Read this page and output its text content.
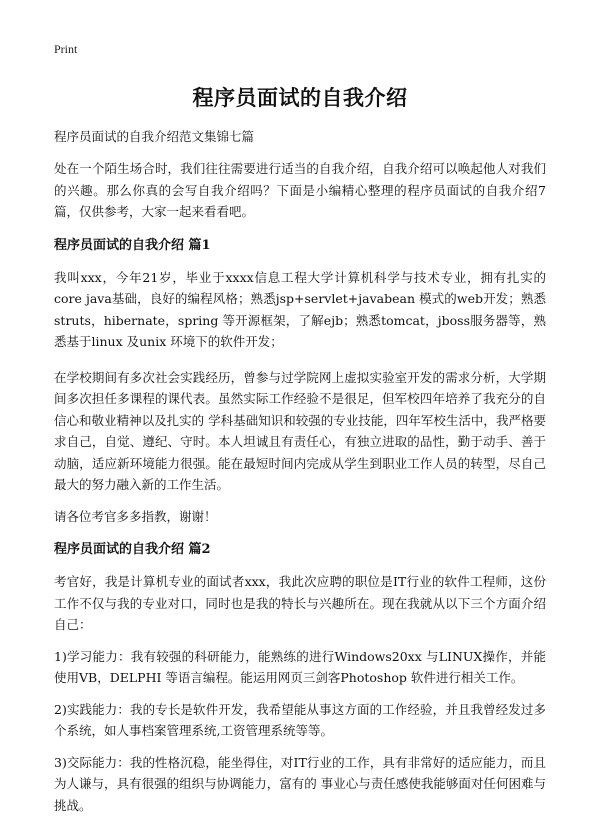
Print
程序员面试的自我介绍

程序员面试的自我介绍范文集锦七篇

处在一个陌生场合时，我们往往需要进行适当的自我介绍，自我介绍可以唤起他人对我们的兴趣。那么你真的会写自我介绍吗？下面是小编精心整理的程序员面试的自我介绍7篇，仅供参考，大家一起来看看吧。

程序员面试的自我介绍 篇1

我叫xxx，今年21岁，毕业于xxxx信息工程大学计算机科学与技术专业，拥有扎实的core java基础，良好的编程风格；熟悉jsp+servlet+javabean 模式的web开发；熟悉struts，hibernate，spring 等开源框架，了解ejb；熟悉tomcat，jboss服务器等，熟悉基于linux 及unix 环境下的软件开发；

在学校期间有多次社会实践经历，曾参与过学院网上虚拟实验室开发的需求分析，大学期间多次担任多课程的课代表。虽然实际工作经验不是很足，但军校四年培养了我充分的自信心和敬业精神以及扎实的 学科基础知识和较强的专业技能，四年军校生活中，我严格要求自己，自觉、遵纪、守时。本人坦诚且有责任心，有独立进取的品性，勤于动手、善于动脑，适应新环境能力很强。能在最短时间内完成从学生到职业工作人员的转型，尽自己最大的努力融入新的工作生活。

请各位考官多多指教，谢谢！

程序员面试的自我介绍 篇2

考官好，我是计算机专业的面试者xxx，我此次应聘的职位是IT行业的软件工程师，这份工作不仅与我的专业对口，同时也是我的特长与兴趣所在。现在我就从以下三个方面介绍自己：

1)学习能力：我有较强的科研能力，能熟练的进行Windows20xx 与LINUX操作，并能使用VB，DELPHI 等语言编程。能运用网页三剑客Photoshop 软件进行相关工作。

2)实践能力：我的专长是软件开发，我希望能从事这方面的工作经验，并且我曾经发过多个系统，如人事档案管理系统,工资管理系统等等。

3)交际能力：我的性格沉稳，能坐得住，对IT行业的工作，具有非常好的适应能力，而且为人谦与，具有很强的组织与协调能力，富有的 事业心与责任感使我能够面对任何困难与挑战。
